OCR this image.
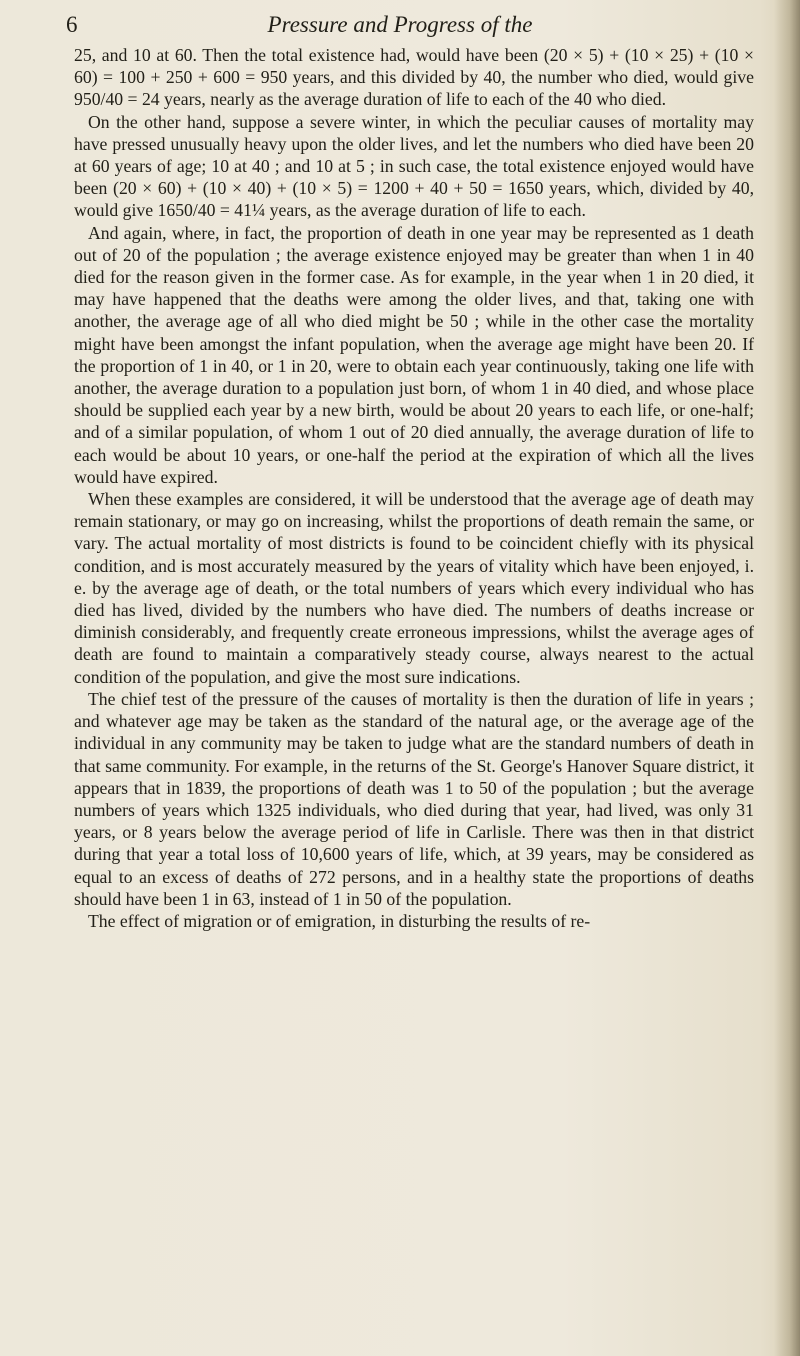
6	Pressure and Progress of the

25, and 10 at 60. Then the total existence had, would have been (20 × 5) + (10 × 25) + (10 × 60) = 100 + 250 + 600 = 950 years, and this divided by 40, the number who died, would give 950/40 = 24 years, nearly as the average duration of life to each of the 40 who died.

On the other hand, suppose a severe winter, in which the peculiar causes of mortality may have pressed unusually heavy upon the older lives, and let the numbers who died have been 20 at 60 years of age; 10 at 40 ; and 10 at 5 ; in such case, the total existence enjoyed would have been (20 × 60) + (10 × 40) + (10 × 5) = 1200 + 40 + 50 = 1650 years, which, divided by 40, would give 1650/40 = 41¼ years, as the average duration of life to each.

And again, where, in fact, the proportion of death in one year may be represented as 1 death out of 20 of the population ; the average existence enjoyed may be greater than when 1 in 40 died for the reason given in the former case. As for example, in the year when 1 in 20 died, it may have happened that the deaths were among the older lives, and that, taking one with another, the average age of all who died might be 50 ; while in the other case the mortality might have been amongst the infant population, when the average age might have been 20. If the proportion of 1 in 40, or 1 in 20, were to obtain each year continuously, taking one life with another, the average duration to a population just born, of whom 1 in 40 died, and whose place should be supplied each year by a new birth, would be about 20 years to each life, or one-half; and of a similar population, of whom 1 out of 20 died annually, the average duration of life to each would be about 10 years, or one-half the period at the expiration of which all the lives would have expired.

When these examples are considered, it will be understood that the average age of death may remain stationary, or may go on increasing, whilst the proportions of death remain the same, or vary. The actual mortality of most districts is found to be coincident chiefly with its physical condition, and is most accurately measured by the years of vitality which have been enjoyed, i. e. by the average age of death, or the total numbers of years which every individual who has died has lived, divided by the numbers who have died. The numbers of deaths increase or diminish considerably, and frequently create erroneous impressions, whilst the average ages of death are found to maintain a comparatively steady course, always nearest to the actual condition of the population, and give the most sure indications.

The chief test of the pressure of the causes of mortality is then the duration of life in years ; and whatever age may be taken as the standard of the natural age, or the average age of the individual in any community may be taken to judge what are the standard numbers of death in that same community. For example, in the returns of the St. George's Hanover Square district, it appears that in 1839, the proportions of death was 1 to 50 of the population ; but the average numbers of years which 1325 individuals, who died during that year, had lived, was only 31 years, or 8 years below the average period of life in Carlisle. There was then in that district during that year a total loss of 10,600 years of life, which, at 39 years, may be considered as equal to an excess of deaths of 272 persons, and in a healthy state the proportions of deaths should have been 1 in 63, instead of 1 in 50 of the population.

The effect of migration or of emigration, in disturbing the results of re-
